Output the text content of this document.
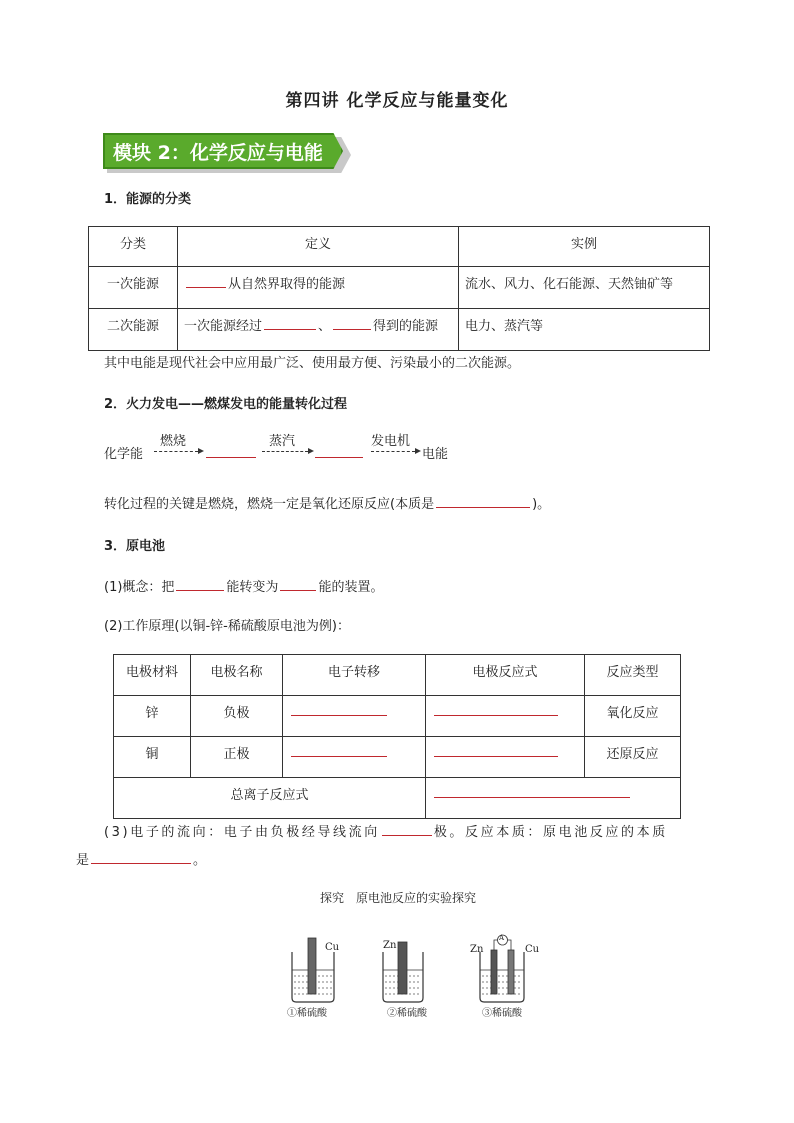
第四讲 化学反应与能量变化
模块 2：化学反应与电能
1．能源的分类
分类	定义	实例
一次能源	从自然界取得的能源	流水、风力、化石能源、天然铀矿等
二次能源	一次能源经过 、 得到的能源	电力、蒸汽等
其中电能是现代社会中应用最广泛、使用最方便、污染最小的二次能源。
2．火力发电——燃煤发电的能量转化过程
化学能
燃烧	蒸汽	发电机
电能
转化过程的关键是燃烧，燃烧一定是氧化还原反应(本质是	)。
3．原电池
(1)概念：把	能转变为	能的装置。
(2)工作原理(以铜-锌-稀硫酸原电池为例)：
电极材料	电极名称	电子转移	电极反应式	反应类型
锌	负极			氧化反应
铜	正极			还原反应
总离子反应式				
(3)电子的流向：电子由负极经导线流向	极。反应本质：原电池反应的本质
是	。
探究　原电池反应的实验探究
Cu	Zn	Zn	Cu
A
①稀硫酸	②稀硫酸	③稀硫酸
